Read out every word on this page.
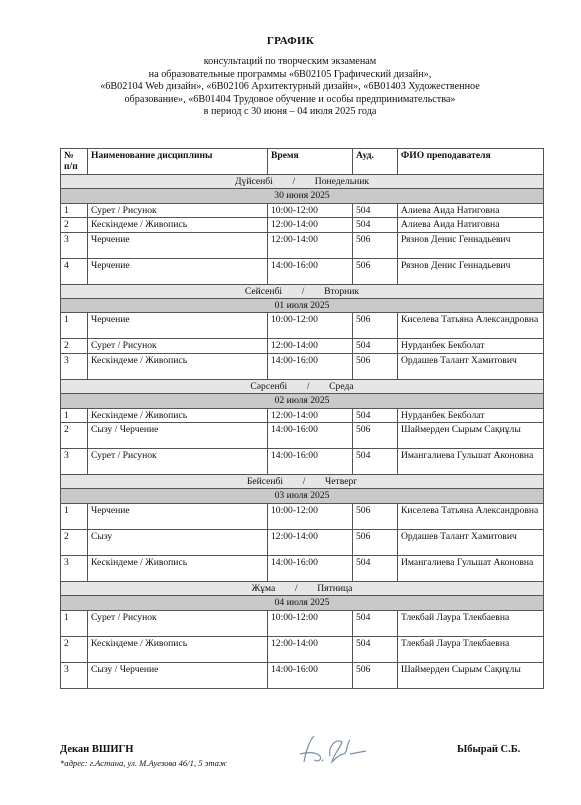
ГРАФИК
консультаций по творческим экзаменам
на образовательные программы «6В02105 Графический дизайн»,
«6В02104 Web дизайн», «6В02106 Архитектурный дизайн», «6В01403 Художественное
образование», «6В01404 Трудовое обучение и особы предпринимательства»
в период с 30 июня – 04 июля 2025 года
№ п/п	Наименование дисциплины	Время	Ауд.	ФИО преподавателя
Дүйсенбі / Понедельник				
30 июня 2025				
1	Сурет / Рисунок	10:00-12:00	504	Алиева Аида Натиговна
2	Кескіндеме / Живопись	12:00-14:00	504	Алиева Аида Натиговна
3	Черчение	12:00-14:00	506	Рязнов Денис Геннадьевич
4	Черчение	14:00-16:00	506	Рязнов Денис Геннадьевич
Сейсенбі / Вторник				
01 июля 2025				
1	Черчение	10:00-12:00	506	Киселева Татьяна Александровна
2	Сурет / Рисунок	12:00-14:00	504	Нурданбек Бекболат
3	Кескіндеме / Живопись	14:00-16:00	506	Ордашев Талант Хамитович
Сәрсенбі / Среда				
02 июля 2025				
1	Кескіндеме / Живопись	12:00-14:00	504	Нурданбек Бекболат
2	Сызу / Черчение	14:00-16:00	506	Шаймерден Сырым Сақиұлы
3	Сурет / Рисунок	14:00-16:00	504	Имангалиева Гульшат Аконовна
Бейсенбі / Четверг				
03 июля 2025				
1	Черчение	10:00-12:00	506	Киселева Татьяна Александровна
2	Сызу	12:00-14:00	506	Ордашев Талант Хамитович
3	Кескіндеме / Живопись	14:00-16:00	504	Имангалиева Гульшат Аконовна
Жұма / Пятница				
04 июля 2025				
1	Сурет / Рисунок	10:00-12:00	504	Тлекбай Лаура Тлекбаевна
2	Кескіндеме / Живопись	12:00-14:00	504	Тлекбай Лаура Тлекбаевна
3	Сызу / Черчение	14:00-16:00	506	Шаймерден Сырым Сақиұлы
Декан ВШИГН	Ыбырай С.Б.
*адрес: г.Астана, ул. М.Ауезова 46/1, 5 этаж
